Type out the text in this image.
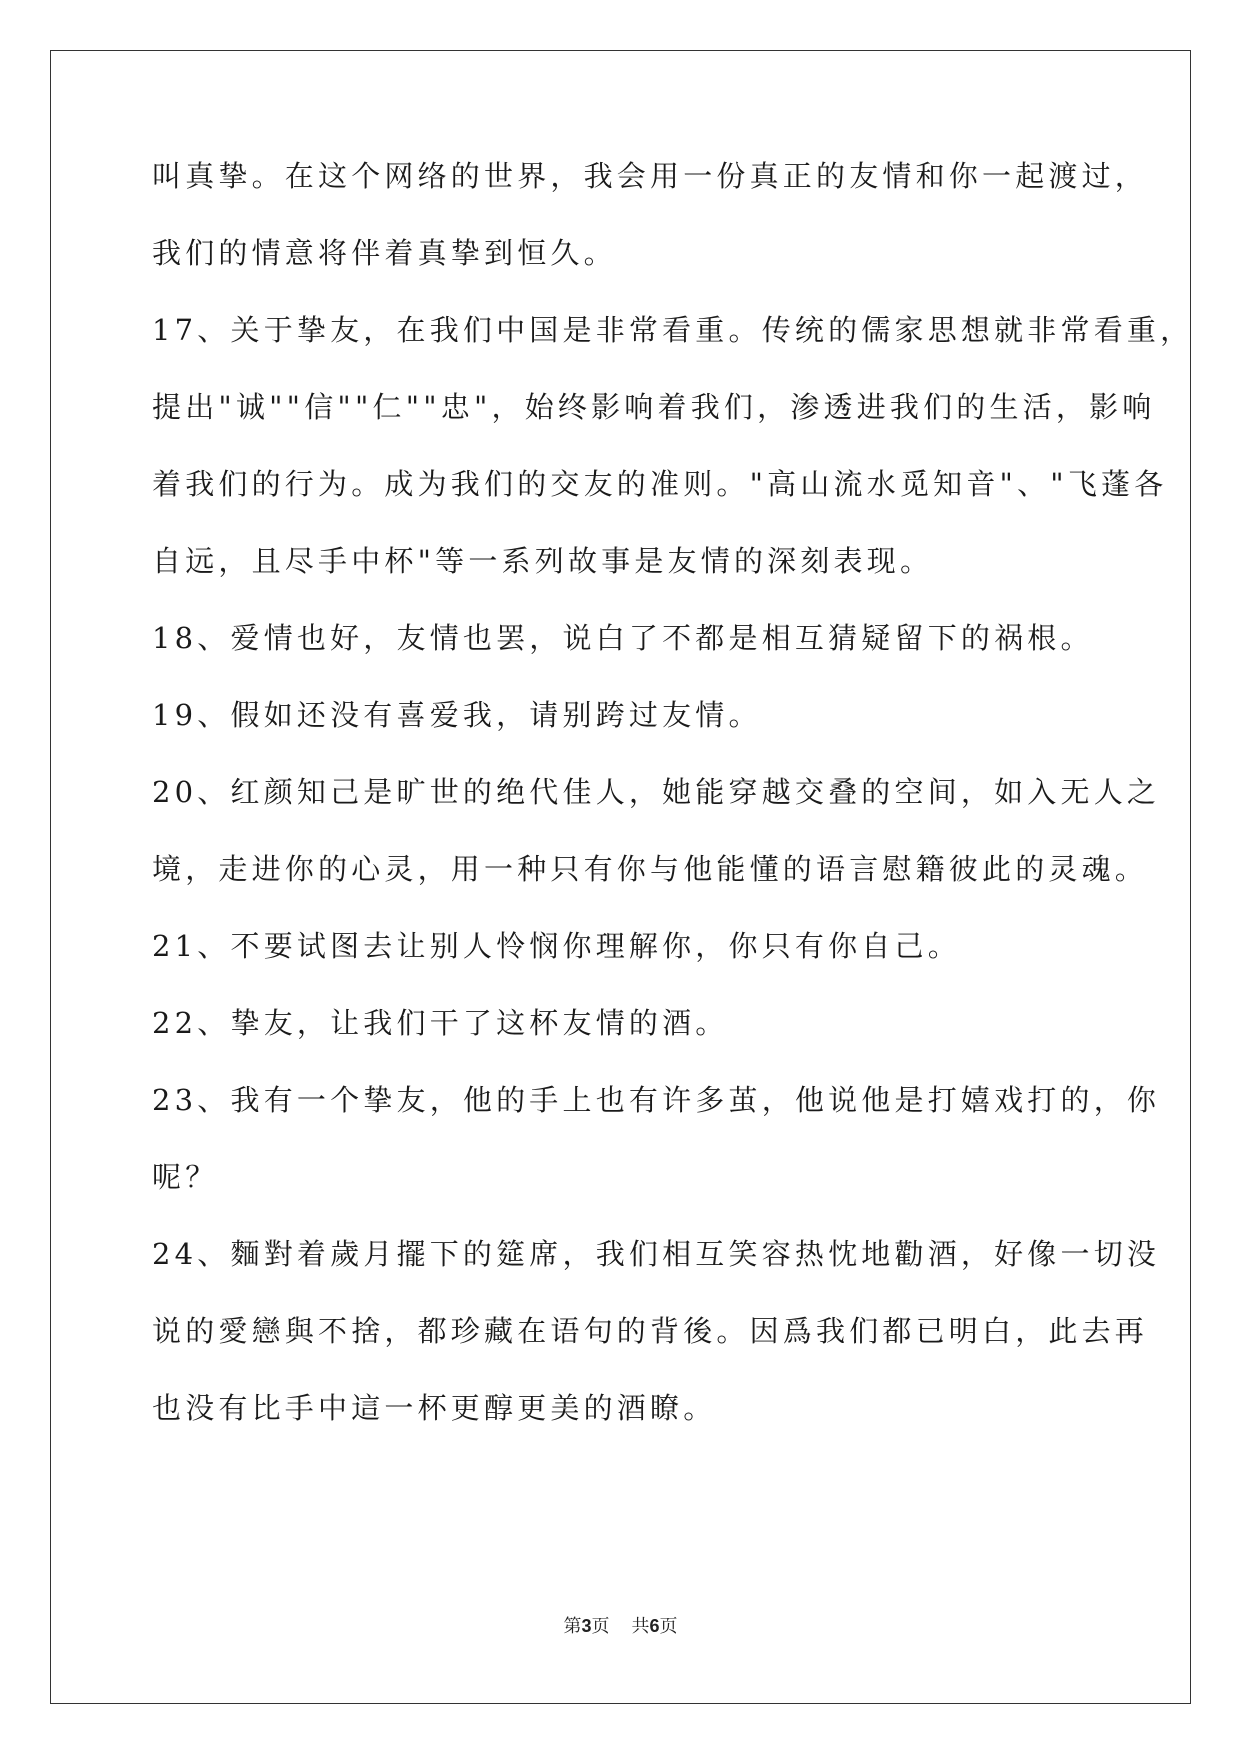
叫真挚。在这个网络的世界，我会用一份真正的友情和你一起渡过，
我们的情意将伴着真挚到恒久。
17、关于挚友，在我们中国是非常看重。传统的儒家思想就非常看重，
提出"诚""信""仁""忠"，始终影响着我们，渗透进我们的生活，影响
着我们的行为。成为我们的交友的准则。"高山流水觅知音"、"飞蓬各
自远，且尽手中杯"等一系列故事是友情的深刻表现。
18、爱情也好，友情也罢，说白了不都是相互猜疑留下的祸根。
19、假如还没有喜爱我，请别跨过友情。
20、红颜知己是旷世的绝代佳人，她能穿越交叠的空间，如入无人之
境，走进你的心灵，用一种只有你与他能懂的语言慰籍彼此的灵魂。
21、不要试图去让别人怜悯你理解你，你只有你自己。
22、挚友，让我们干了这杯友情的酒。
23、我有一个挚友，他的手上也有许多茧，他说他是打嬉戏打的，你
呢？
24、麵對着歲月擺下的筵席，我们相互笑容热忱地勸酒，好像一切没
说的愛戀與不捨，都珍藏在语句的背後。因爲我们都已明白，此去再
也没有比手中這一杯更醇更美的酒瞭。
第3页 共6页
